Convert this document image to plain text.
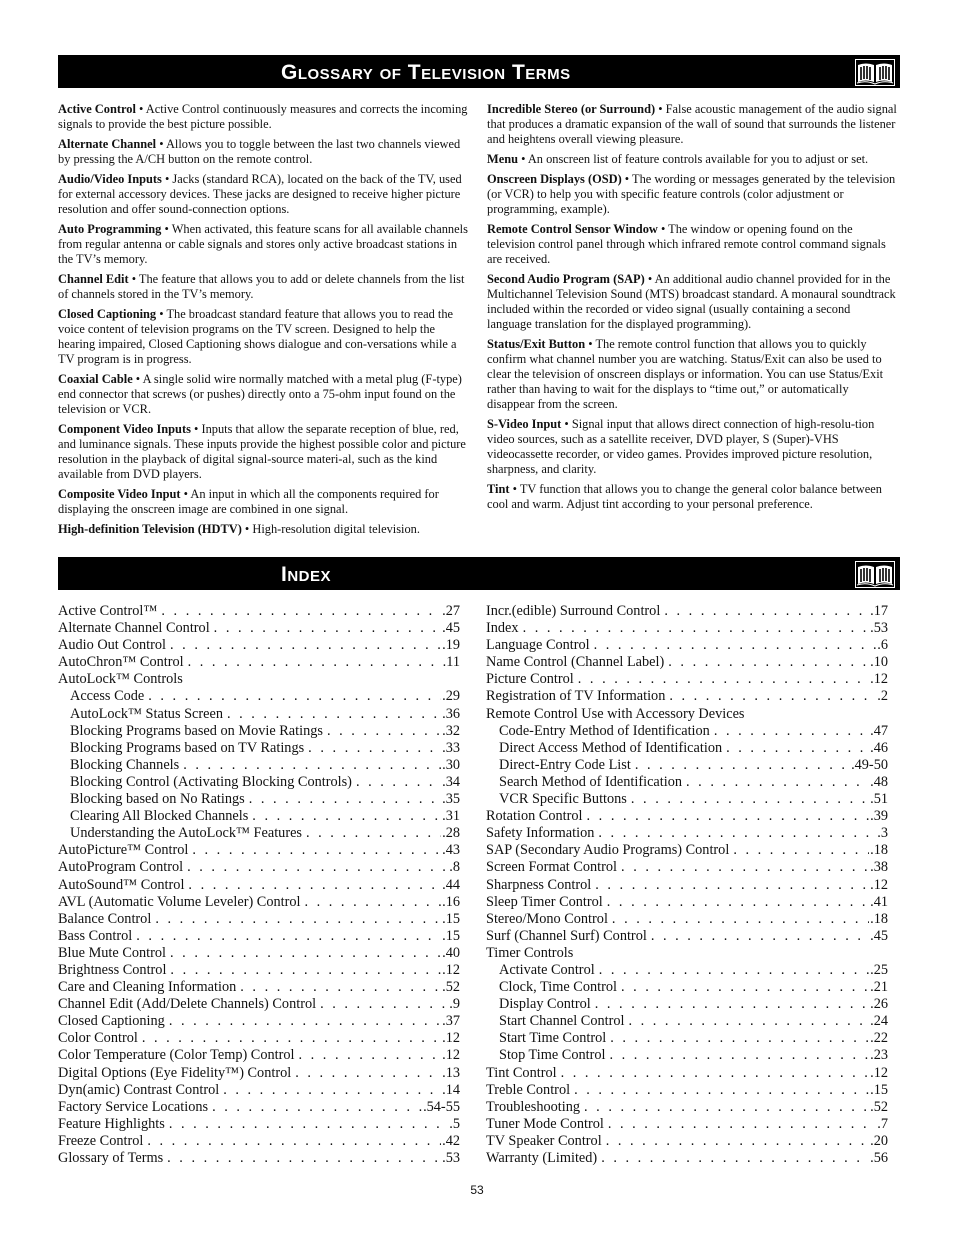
Glossary of Television Terms
Active Control • Active Control continuously measures and corrects the incoming signals to provide the best picture possible.
Alternate Channel • Allows you to toggle between the last two channels viewed by pressing the A/CH button on the remote control.
Audio/Video Inputs • Jacks (standard RCA), located on the back of the TV, used for external accessory devices. These jacks are designed to receive higher picture resolution and offer sound-connection options.
Auto Programming • When activated, this feature scans for all available channels from regular antenna or cable signals and stores only active broadcast stations in the TV’s memory.
Channel Edit • The feature that allows you to add or delete channels from the list of channels stored in the TV’s memory.
Closed Captioning • The broadcast standard feature that allows you to read the voice content of television programs on the TV screen. Designed to help the hearing impaired, Closed Captioning shows dialogue and con-versations while a TV program is in progress.
Coaxial Cable • A single solid wire normally matched with a metal plug (F-type) end connector that screws (or pushes) directly onto a 75-ohm input found on the television or VCR.
Component Video Inputs • Inputs that allow the separate reception of blue, red, and luminance signals. These inputs provide the highest possible color and picture resolution in the playback of digital signal-source materi-al, such as the kind available from DVD players.
Composite Video Input • An input in which all the components required for displaying the onscreen image are combined in one signal.
High-definition Television (HDTV) • High-resolution digital television.
Incredible Stereo (or Surround) • False acoustic management of the audio signal that produces a dramatic expansion of the wall of sound that surrounds the listener and heightens overall viewing pleasure.
Menu • An onscreen list of feature controls available for you to adjust or set.
Onscreen Displays (OSD) • The wording or messages generated by the television (or VCR) to help you with specific feature controls (color adjustment or programming, example).
Remote Control Sensor Window • The window or opening found on the television control panel through which infrared remote control command signals are received.
Second Audio Program (SAP) • An additional audio channel provided for in the Multichannel Television Sound (MTS) broadcast standard. A monaural soundtrack included within the recorded or video signal (usually containing a second language translation for the displayed programming).
Status/Exit Button • The remote control function that allows you to quickly confirm what channel number you are watching. Status/Exit can also be used to clear the television of onscreen displays or information. You can use Status/Exit rather than having to wait for the displays to “time out,” or automatically disappear from the screen.
S-Video Input • Signal input that allows direct connection of high-resolu-tion video sources, such as a satellite receiver, DVD player, S (Super)-VHS videocassette recorder, or video games. Provides improved picture resolution, sharpness, and clarity.
Tint • TV function that allows you to change the general color balance between cool and warm. Adjust tint according to your personal preference.
Index
Active Control™ . . .	.27
Alternate Channel Control . . .	.45
Audio Out Control . . .	.19
AutoChron™ Control . . .	.11
AutoLock™ Controls
Access Code . . .	.29
AutoLock™ Status Screen . . .	.36
Blocking Programs based on Movie Ratings . . .	.32
Blocking Programs based on TV Ratings . . .	.33
Blocking Channels . . .	.30
Blocking Control (Activating Blocking Controls) . . .	.34
Blocking based on No Ratings . . .	.35
Clearing All Blocked Channels . . .	.31
Understanding the AutoLock™ Features . . .	.28
AutoPicture™ Control . . .	.43
AutoProgram Control . . .	.8
AutoSound™ Control . . .	.44
AVL (Automatic Volume Leveler) Control . . .	.16
Balance Control . . .	.15
Bass Control . . .	.15
Blue Mute Control . . .	.40
Brightness Control . . .	.12
Care and Cleaning Information . . .	.52
Channel Edit (Add/Delete Channels) Control . . .	.9
Closed Captioning . . .	.37
Color Control . . .	.12
Color Temperature (Color Temp) Control . . .	.12
Digital Options (Eye Fidelity™) Control . . .	.13
Dyn(amic) Contrast Control . . .	.14
Factory Service Locations . . .	.54-55
Feature Highlights . . .	.5
Freeze Control . . .	.42
Glossary of Terms . . .	.53
Incr.(edible) Surround Control . . .	.17
Index . . .	.53
Language Control . . .	.6
Name Control (Channel Label) . . .	.10
Picture Control . . .	.12
Registration of TV Information . . .	.2
Remote Control Use with Accessory Devices
Code-Entry Method of Identification . . .	.47
Direct Access Method of Identification . . .	.46
Direct-Entry Code List . . .	.49-50
Search Method of Identification . . .	.48
VCR Specific Buttons . . .	.51
Rotation Control . . .	.39
Safety Information . . .	.3
SAP (Secondary Audio Programs) Control . . .	.18
Screen Format Control . . .	.38
Sharpness Control . . .	.12
Sleep Timer Control . . .	.41
Stereo/Mono Control . . .	.18
Surf (Channel Surf) Control . . .	.45
Timer Controls
Activate Control . . .	.25
Clock, Time Control . . .	.21
Display Control . . .	.26
Start Channel Control . . .	.24
Start Time Control . . .	.22
Stop Time Control . . .	.23
Tint Control . . .	.12
Treble Control . . .	.15
Troubleshooting . . .	.52
Tuner Mode Control . . .	.7
TV Speaker Control . . .	.20
Warranty (Limited) . . .	.56
53
